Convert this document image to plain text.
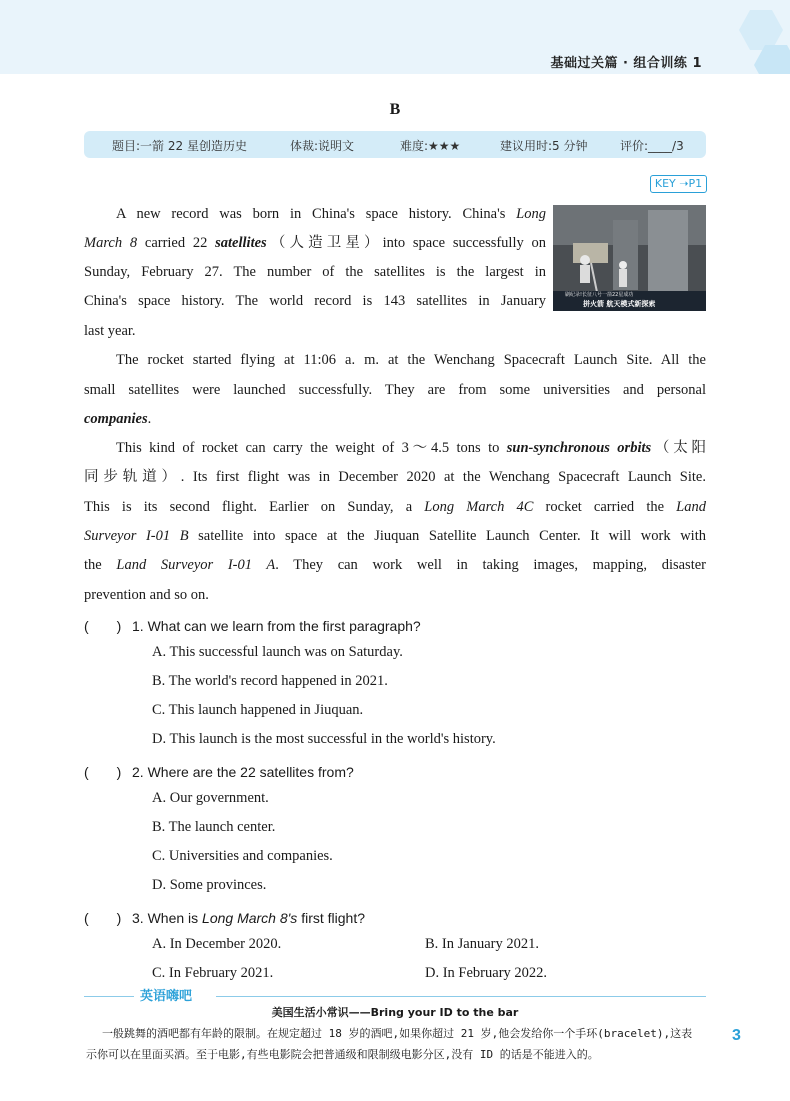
基础过关篇 · 组合训练 1
B
题目:一箭 22 星创造历史	体裁:说明文	难度:★★★	建议用时:5 分钟	评价:____/3
KEY ➝P1
刷纪录!长征八号一箭22星成功
拼火箭 航天模式新探索
A new record was born in China's space history. China's Long
March 8 carried 22 satellites（人造卫星）into space successfully on
Sunday, February 27. The number of the satellites is the largest in
China's space history. The world record is 143 satellites in January
last year.
The rocket started flying at 11:06 a. m. at the Wenchang Spacecraft Launch Site. All the
small satellites were launched successfully. They are from some universities and personal
companies.
This kind of rocket can carry the weight of 3～4.5 tons to sun-synchronous orbits（太阳
同步轨道）. Its first flight was in December 2020 at the Wenchang Spacecraft Launch Site.
This is its second flight. Earlier on Sunday, a Long March 4C rocket carried the Land
Surveyor I-01 B satellite into space at the Jiuquan Satellite Launch Center. It will work with
the Land Surveyor I-01 A. They can work well in taking images, mapping, disaster
prevention and so on.
(　　) 1. What can we learn from the first paragraph?
A. This successful launch was on Saturday.
B. The world's record happened in 2021.
C. This launch happened in Jiuquan.
D. This launch is the most successful in the world's history.
(　　) 2. Where are the 22 satellites from?
A. Our government.
B. The launch center.
C. Universities and companies.
D. Some provinces.
(　　) 3. When is Long March 8's first flight?
A. In December 2020.	B. In January 2021.
C. In February 2021.	D. In February 2022.
英语嗨吧
美国生活小常识——Bring your ID to the bar
一般跳舞的酒吧都有年龄的限制。在规定超过 18 岁的酒吧,如果你超过 21 岁,他会发给你一个手环(bracelet),这表
示你可以在里面买酒。至于电影,有些电影院会把普通级和限制级电影分区,没有 ID 的话是不能进入的。
3
